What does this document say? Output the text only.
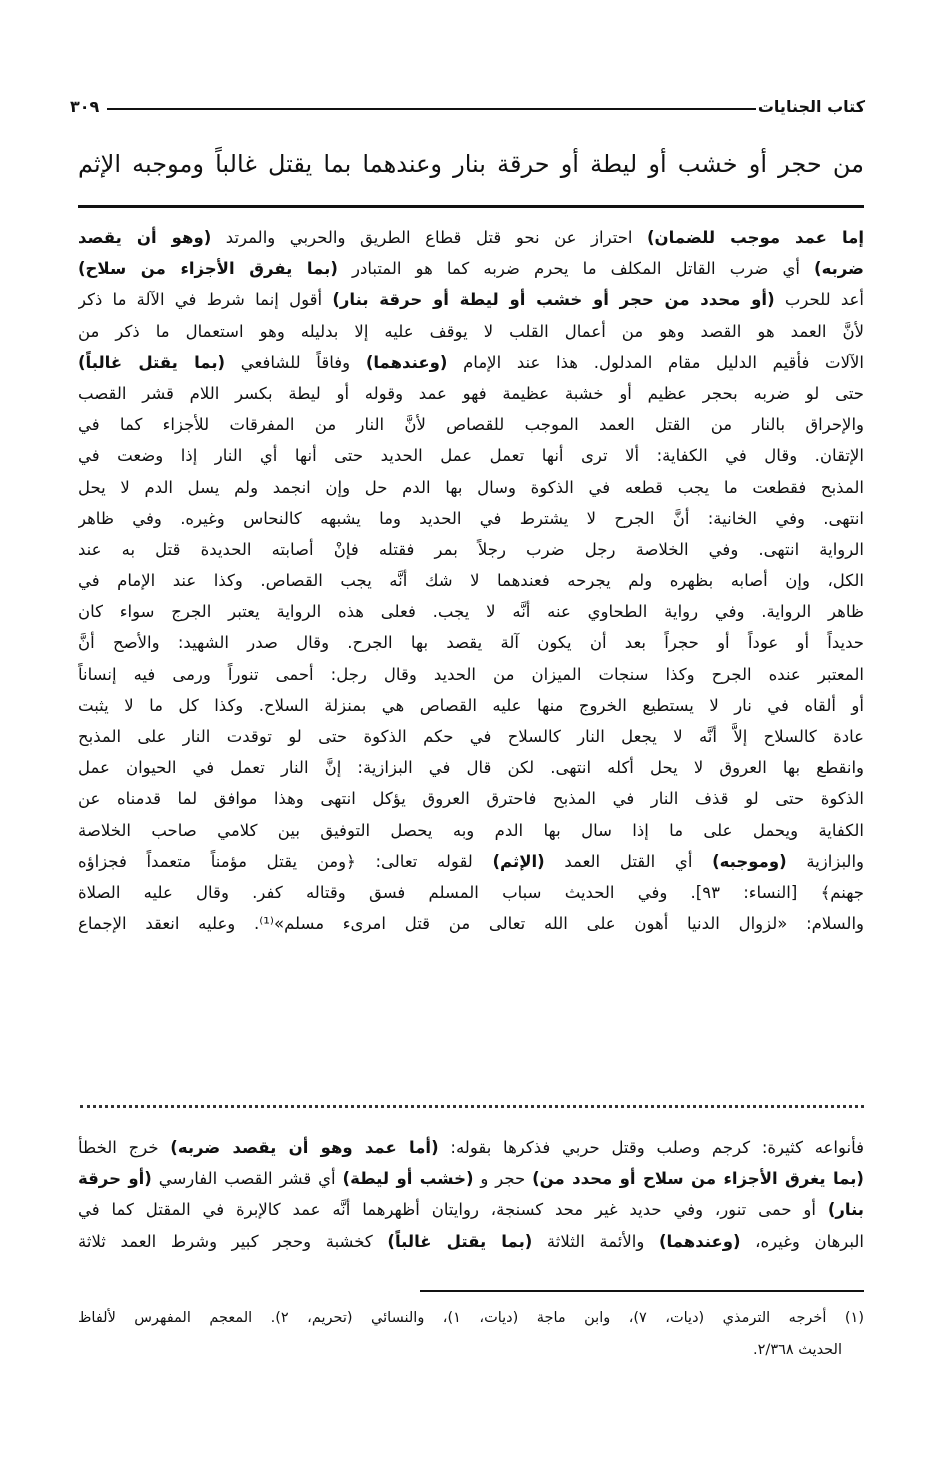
كتاب الجنايات
٣٠٩
من حجر أو خشب أو ليطة أو حرقة بنار وعندهما بما يقتل غالباً وموجبه الإثم
إما عمد موجب للضمان) احتراز عن نحو قتل قطاع الطريق والحربي والمرتد (وهو أن يقصد
ضربه) أي ضرب القاتل المكلف ما يحرم ضربه كما هو المتبادر (بما يفرق الأجزاء من سلاح)
أعد للحرب (أو محدد من حجر أو خشب أو ليطة أو حرقة بنار) أقول إنما شرط في الآلة ما ذكر
لأنَّ العمد هو القصد وهو من أعمال القلب لا يوقف عليه إلا بدليله وهو استعمال ما ذكر من
الآلات فأقيم الدليل مقام المدلول. هذا عند الإمام (وعندهما) وفاقاً للشافعي (بما يقتل غالباً)
حتى لو ضربه بحجر عظيم أو خشبة عظيمة فهو عمد وقوله أو ليطة بكسر اللام قشر القصب
والإحراق بالنار من القتل العمد الموجب للقصاص لأنَّ النار من المفرقات للأجزاء كما في
الإتقان. وقال في الكفاية: ألا ترى أنها تعمل عمل الحديد حتى أنها أي النار إذا وضعت في
المذبح فقطعت ما يجب قطعه في الذكوة وسال بها الدم حل وإن انجمد ولم يسل الدم لا يحل
انتهى. وفي الخانية: أنَّ الجرح لا يشترط في الحديد وما يشبهه كالنحاس وغيره. وفي ظاهر
الرواية انتهى. وفي الخلاصة رجل ضرب رجلاً بمر فقتله فإنْ أصابته الحديدة قتل به عند
الكل، وإن أصابه بظهره ولم يجرحه فعندهما لا شك أنَّه يجب القصاص. وكذا عند الإمام في
ظاهر الرواية. وفي رواية الطحاوي عنه أنَّه لا يجب. فعلى هذه الرواية يعتبر الجرج سواء كان
حديداً أو عوداً أو حجراً بعد أن يكون آلة يقصد بها الجرح. وقال صدر الشهيد: والأصح أنَّ
المعتبر عنده الجرح وكذا سنجات الميزان من الحديد وقال رجل: أحمى تنوراً ورمى فيه إنساناً
أو ألقاه في نار لا يستطيع الخروج منها عليه القصاص هي بمنزلة السلاح. وكذا كل ما لا يثبت
عادة كالسلاح إلاَّ أنَّه لا يجعل النار كالسلاح في حكم الذكوة حتى لو توقدت النار على المذبح
وانقطع بها العروق لا يحل أكله انتهى. لكن قال في البزازية: إنَّ النار تعمل في الحيوان عمل
الذكوة حتى لو قذف النار في المذبح فاحترق العروق يؤكل انتهى وهذا موافق لما قدمناه عن
الكفاية ويحمل على ما إذا سال بها الدم وبه يحصل التوفيق بين كلامي صاحب الخلاصة
والبزازية (وموجبه) أي القتل العمد (الإثم) لقوله تعالى: ﴿ومن يقتل مؤمناً متعمداً فجزاؤه
جهنم﴾ [النساء: ٩٣]. وفي الحديث سباب المسلم فسق وقتاله كفر. وقال عليه الصلاة
والسلام: «لزوال الدنيا أهون على الله تعالى من قتل امرىء مسلم»⁽¹⁾. وعليه انعقد الإجماع
فأنواعه كثيرة: كرجم وصلب وقتل حربي فذكرها بقوله: (أما عمد وهو أن يقصد ضربه) خرج الخطأ
(بما يغرق الأجزاء من سلاح أو محدد من) حجر و (خشب أو ليطة) أي قشر القصب الفارسي (أو حرقة
بنار) أو حمى تنور، وفي حديد غير محد كسنجة، روايتان أظهرهما أنَّه عمد كالإبرة في المقتل كما في
البرهان وغيره، (وعندهما) والأئمة الثلاثة (بما يقتل غالباً) كخشبة وحجر كبير وشرط العمد ثلاثة
(١) أخرجه الترمذي (ديات، ٧)، وابن ماجة (ديات، ١)، والنسائي (تحريم، ٢). المعجم المفهرس لألفاظ
الحديث ٢/٣٦٨.
